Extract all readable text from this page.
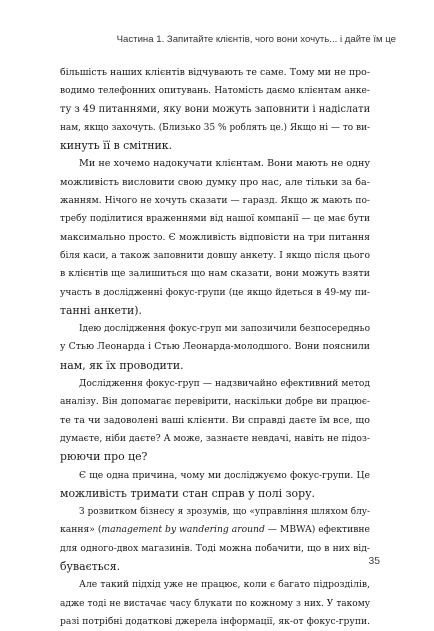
Частина 1. Запитайте клієнтів, чого вони хочуть... і дайте їм це
більшість наших клієнтів відчувають те саме. Тому ми не про-
водимо телефонних опитувань. Натомість даємо клієнтам анке-
ту з 49 питаннями, яку вони можуть заповнити і надіслати
нам, якщо захочуть. (Близько 35 % роблять це.) Якщо ні — то ви-
кинуть її в смітник.
Ми не хочемо надокучати клієнтам. Вони мають не одну
можливість висловити свою думку про нас, але тільки за ба-
жанням. Нічого не хочуть сказати — гаразд. Якщо ж мають по-
требу поділитися враженнями від нашої компанії — це має бути
максимально просто. Є можливість відповісти на три питання
біля каси, а також заповнити довшу анкету. І якщо після цього
в клієнтів ще залишиться що нам сказати, вони можуть взяти
участь в дослідженні фокус-групи (це якщо йдеться в 49-му пи-
танні анкети).
Ідею дослідження фокус-груп ми запозичили безпосередньо
у Стью Леонарда і Стью Леонарда-молодшого. Вони пояснили
нам, як їх проводити.
Дослідження фокус-груп — надзвичайно ефективний метод
аналізу. Він допомагає перевірити, наскільки добре ви працює-
те та чи задоволені ваші клієнти. Ви справді даєте їм все, що
думаєте, ніби даєте? А може, зазнаєте невдачі, навіть не підоз-
рюючи про це?
Є ще одна причина, чому ми досліджуємо фокус-групи. Це
можливість тримати стан справ у полі зору.
З розвитком бізнесу я зрозумів, що «управління шляхом блу-
кання» (management by wandering around — MBWA) ефективне
для одного-двох магазинів. Тоді можна побачити, що в них від-
бувається.
Але такий підхід уже не працює, коли є багато підрозділів,
адже тоді не вистачає часу блукати по кожному з них. У такому
разі потрібні додаткові джерела інформації, як-от фокус-групи.
35
